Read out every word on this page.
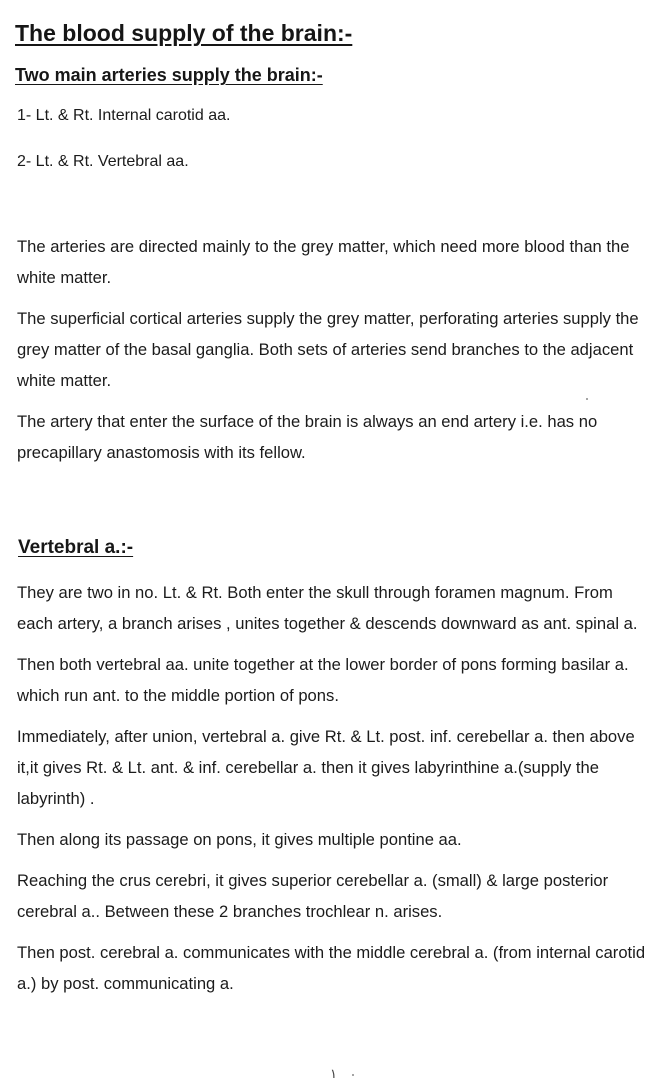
The blood supply of the brain:-
Two main arteries supply the brain:-

1- Lt. & Rt. Internal carotid aa.

2- Lt. & Rt. Vertebral aa.

The arteries are directed mainly to the grey matter, which need more blood than the white matter.

The superficial cortical arteries supply the grey matter, perforating arteries supply the grey matter of the basal ganglia. Both sets of arteries send branches to the adjacent white matter.

The artery that enter the surface of the brain is always an end artery i.e. has no precapillary anastomosis with its fellow.

Vertebral a.:-

They are two in no. Lt. & Rt. Both enter the skull through foramen magnum. From each artery, a branch arises , unites together & descends downward as ant. spinal a.

Then both vertebral aa. unite together at the lower border of pons forming basilar a. which run ant. to the middle portion of pons.

Immediately, after union, vertebral a. give Rt. & Lt. post. inf. cerebellar a. then above it,it gives Rt. & Lt. ant. & inf. cerebellar a. then it gives labyrinthine a.(supply the labyrinth) .

Then along its passage on pons, it gives multiple pontine aa.

Reaching the crus cerebri, it gives superior cerebellar a. (small) & large posterior cerebral a.. Between these 2 branches trochlear n. arises.

Then post. cerebral a. communicates with the middle cerebral a. (from internal carotid a.) by post. communicating a.

١
